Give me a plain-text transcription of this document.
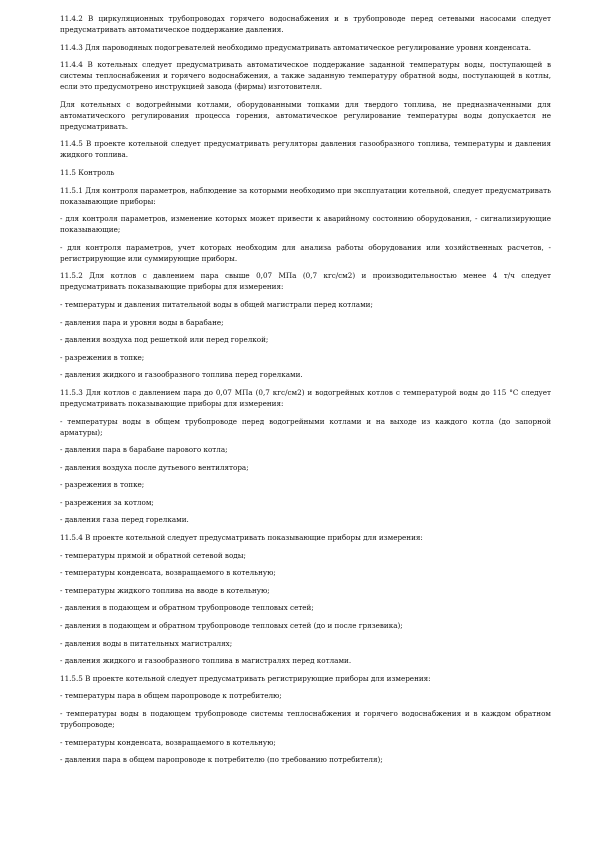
11.4.2 В циркуляционных трубопроводах горячего водоснабжения и в трубопроводе перед сетевыми насосами следует предусматривать автоматическое поддержание давления.

11.4.3 Для пароводяных подогревателей необходимо предусматривать автоматическое регулирование уровня конденсата.

11.4.4 В котельных следует предусматривать автоматическое поддержание заданной температуры воды, поступающей в системы теплоснабжения и горячего водоснабжения, а также заданную температуру обратной воды, поступающей в котлы, если это предусмотрено инструкцией завода (фирмы) изготовителя.

Для котельных с водогрейными котлами, оборудованными топками для твердого топлива, не предназначенными для автоматического регулирования процесса горения, автоматическое регулирование температуры воды допускается не предусматривать.

11.4.5 В проекте котельной следует предусматривать регуляторы давления газообразного топлива, температуры и давления жидкого топлива.

11.5 Контроль

11.5.1 Для контроля параметров, наблюдение за которыми необходимо при эксплуатации котельной, следует предусматривать показывающие приборы:

- для контроля параметров, изменение которых может привести к аварийному состоянию оборудования, - сигнализирующие показывающие;

- для контроля параметров, учет которых необходим для анализа работы оборудования или хозяйственных расчетов, - регистрирующие или суммирующие приборы.

11.5.2 Для котлов с давлением пара свыше 0,07 МПа (0,7 кгс/см2) и производительностью менее 4 т/ч следует предусматривать показывающие приборы для измерения:

- температуры и давления питательной воды в общей магистрали перед котлами;

- давления пара и уровня воды в барабане;

- давления воздуха под решеткой или перед горелкой;

- разрежения в топке;

- давления жидкого и газообразного топлива перед горелками.

11.5.3 Для котлов с давлением пара до 0,07 МПа (0,7 кгс/см2) и водогрейных котлов с температурой воды до 115 °С следует предусматривать показывающие приборы для измерения:

- температуры воды в общем трубопроводе перед водогрейными котлами и на выходе из каждого котла (до запорной арматуры);

- давления пара в барабане парового котла;

- давления воздуха после дутьевого вентилятора;

- разрежения в топке;

- разрежения за котлом;

- давления газа перед горелками.

11.5.4 В проекте котельной следует предусматривать показывающие приборы для измерения:

- температуры прямой и обратной сетевой воды;

- температуры конденсата, возвращаемого в котельную;

- температуры жидкого топлива на вводе в котельную;

- давления в подающем и обратном трубопроводе тепловых сетей;

- давления в подающем и обратном трубопроводе тепловых сетей (до и после грязевика);

- давления воды в питательных магистралях;

- давления жидкого и газообразного топлива в магистралях перед котлами.

11.5.5 В проекте котельной следует предусматривать регистрирующие приборы для измерения:

- температуры пара в общем паропроводе к потребителю;

- температуры воды в подающем трубопроводе системы теплоснабжения и горячего водоснабжения и в каждом обратном трубопроводе;

- температуры конденсата, возвращаемого в котельную;

- давления пара в общем паропроводе к потребителю (по требованию потребителя);
